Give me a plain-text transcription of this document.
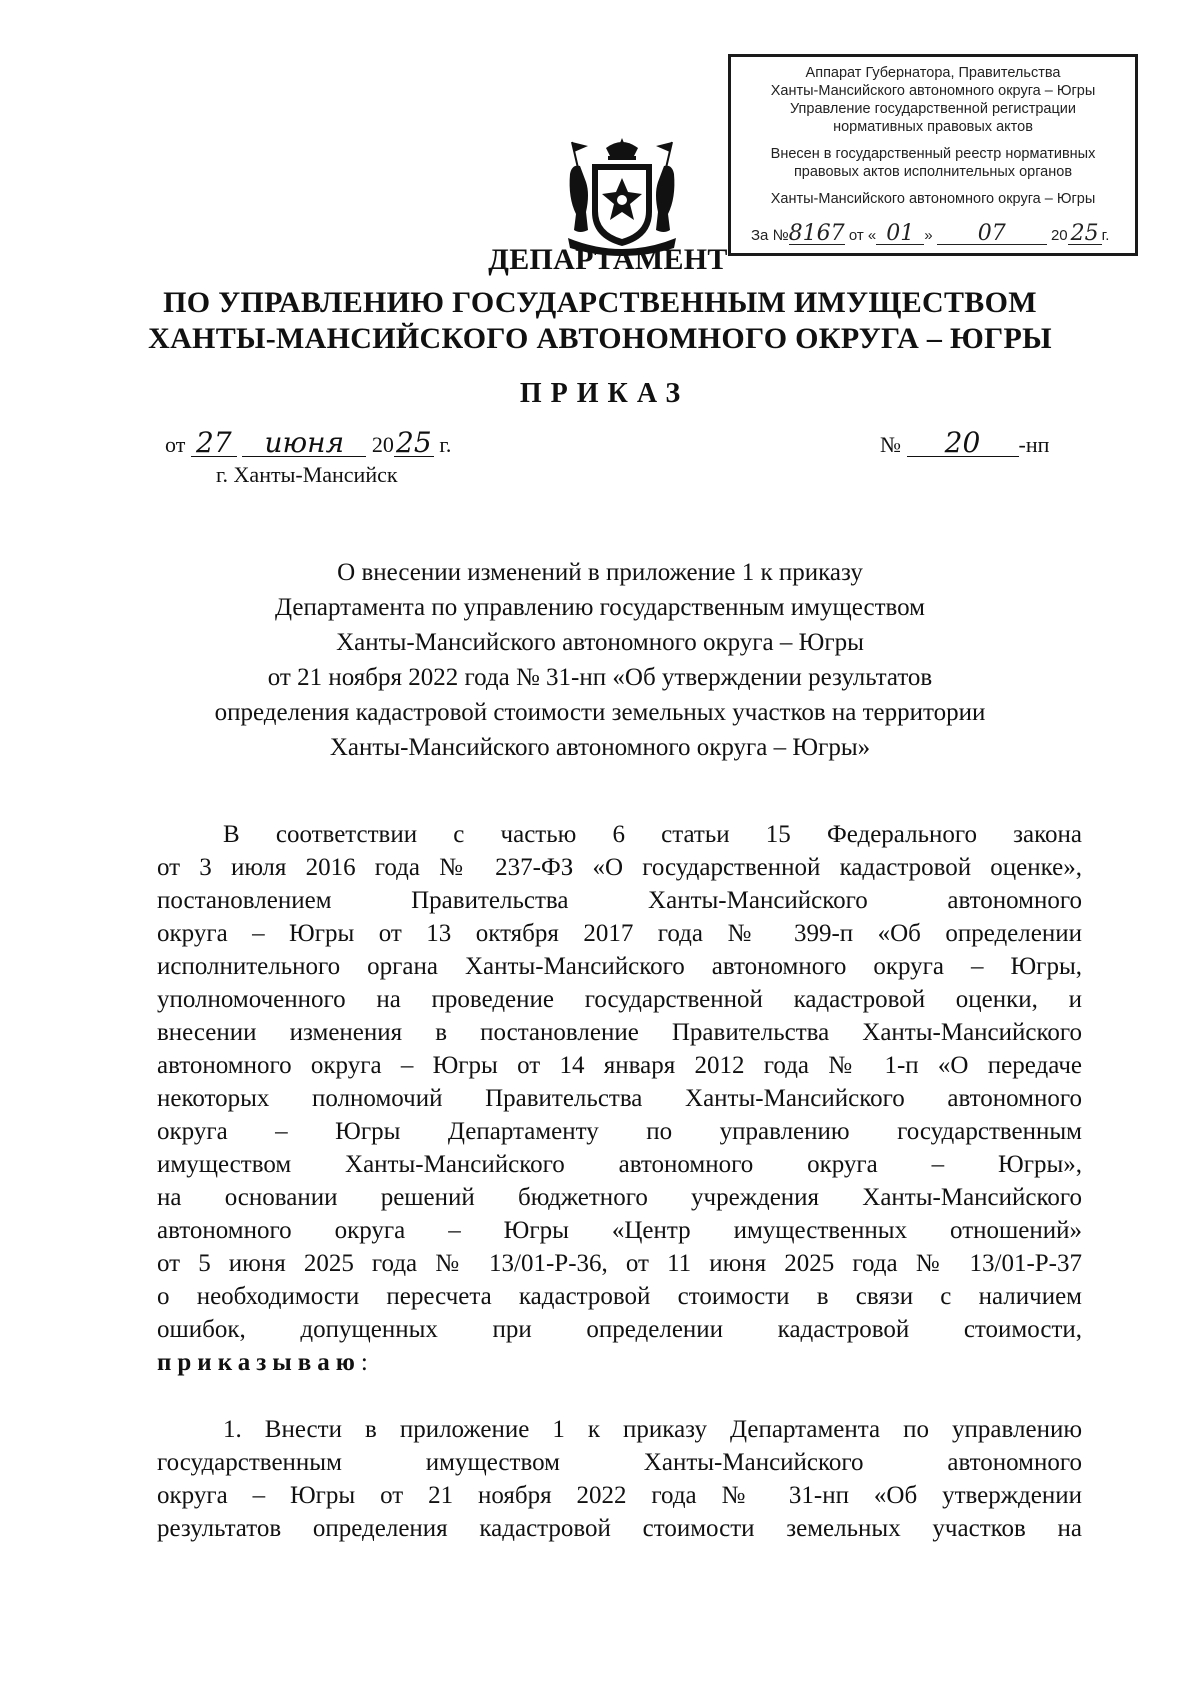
Аппарат Губернатора, Правительства
Ханты-Мансийского автономного округа – Югры
Управление государственной регистрации
нормативных правовых актов
Внесен в государственный реестр нормативных
правовых актов исполнительных органов
Ханты-Мансийского автономного округа – Югры
За №8167 от « 01 » 07	20 25 г.
ДЕПАРТАМЕНТ
ПО УПРАВЛЕНИЮ ГОСУДАРСТВЕННЫМ ИМУЩЕСТВОМ
ХАНТЫ-МАНСИЙСКОГО АВТОНОМНОГО ОКРУГА – ЮГРЫ
ПРИКАЗ
от 27 июня 2025 г.
г. Ханты-Мансийск
№ 20 -нп
О внесении изменений в приложение 1 к приказу
Департамента по управлению государственным имуществом
Ханты-Мансийского автономного округа – Югры
от 21 ноября 2022 года № 31-нп «Об утверждении результатов
определения кадастровой стоимости земельных участков на территории
Ханты-Мансийского автономного округа – Югры»
В соответствии с частью 6 статьи 15 Федерального закона
от 3 июля 2016 года № 237-ФЗ «О государственной кадастровой оценке»,
постановлением Правительства Ханты-Мансийского автономного
округа – Югры от 13 октября 2017 года № 399-п «Об определении
исполнительного органа Ханты-Мансийского автономного округа – Югры,
уполномоченного на проведение государственной кадастровой оценки, и
внесении изменения в постановление Правительства Ханты-Мансийского
автономного округа – Югры от 14 января 2012 года № 1-п «О передаче
некоторых полномочий Правительства Ханты-Мансийского автономного
округа – Югры Департаменту по управлению государственным
имуществом Ханты-Мансийского автономного округа – Югры»,
на основании решений бюджетного учреждения Ханты-Мансийского
автономного округа – Югры «Центр имущественных отношений»
от 5 июня 2025 года № 13/01-Р-36, от 11 июня 2025 года № 13/01-Р-37
о необходимости пересчета кадастровой стоимости в связи с наличием
ошибок, допущенных при определении кадастровой стоимости,
приказываю:
1. Внести в приложение 1 к приказу Департамента по управлению
государственным имуществом Ханты-Мансийского автономного
округа – Югры от 21 ноября 2022 года № 31-нп «Об утверждении
результатов определения кадастровой стоимости земельных участков на
